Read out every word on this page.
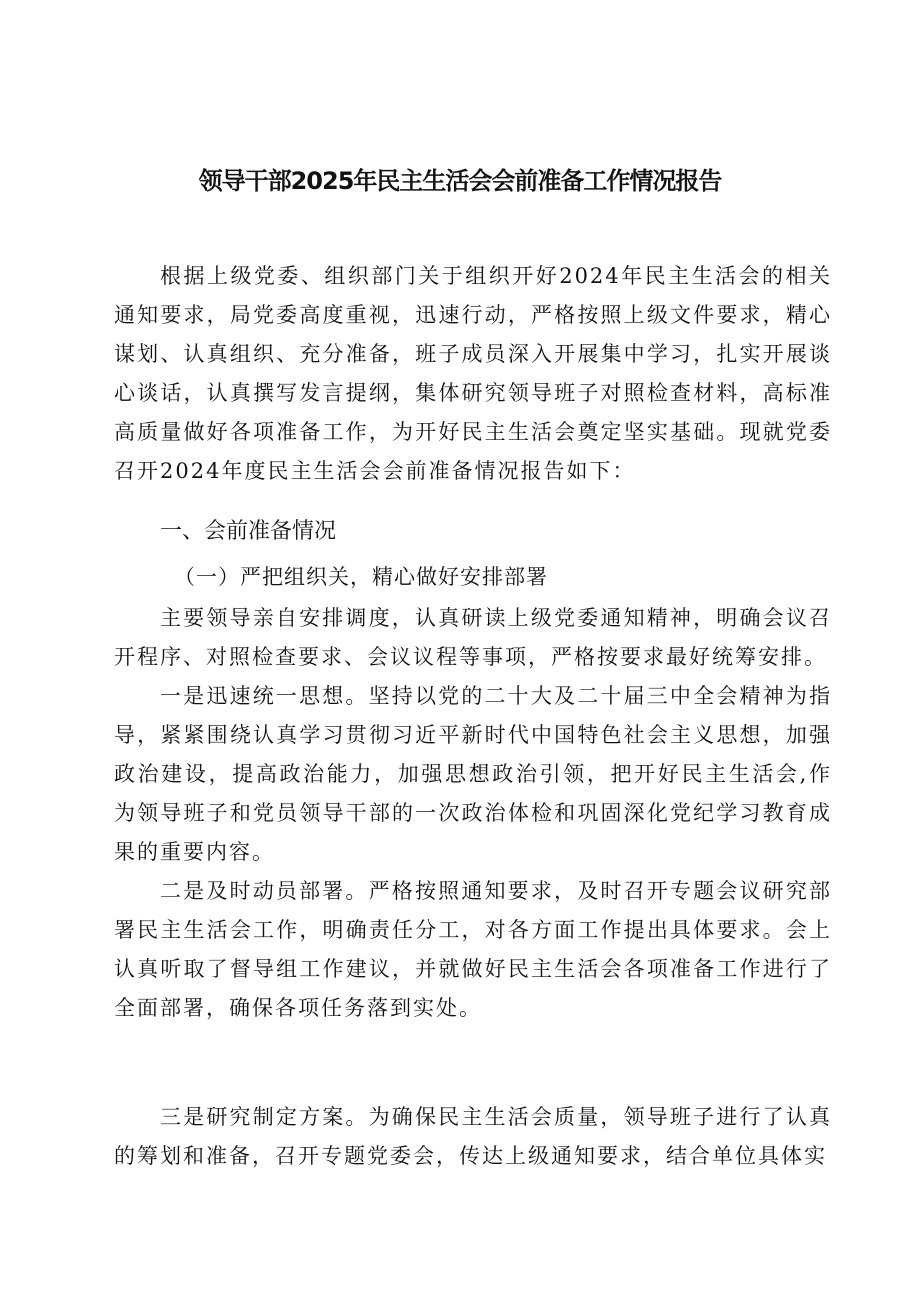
领导干部2025年民主生活会会前准备工作情况报告

根据上级党委、组织部门关于组织开好2024年民主生活会的相关通知要求，局党委高度重视，迅速行动，严格按照上级文件要求，精心谋划、认真组织、充分准备，班子成员深入开展集中学习，扎实开展谈心谈话，认真撰写发言提纲，集体研究领导班子对照检查材料，高标准高质量做好各项准备工作，为开好民主生活会奠定坚实基础。现就党委召开2024年度民主生活会会前准备情况报告如下：

一、会前准备情况
（一）严把组织关，精心做好安排部署

主要领导亲自安排调度，认真研读上级党委通知精神，明确会议召开程序、对照检查要求、会议议程等事项，严格按要求最好统筹安排。

一是迅速统一思想。坚持以党的二十大及二十届三中全会精神为指导，紧紧围绕认真学习贯彻习近平新时代中国特色社会主义思想，加强政治建设，提高政治能力，加强思想政治引领，把开好民主生活会,作为领导班子和党员领导干部的一次政治体检和巩固深化党纪学习教育成果的重要内容。

二是及时动员部署。严格按照通知要求，及时召开专题会议研究部署民主生活会工作，明确责任分工，对各方面工作提出具体要求。会上认真听取了督导组工作建议，并就做好民主生活会各项准备工作进行了全面部署，确保各项任务落到实处。

三是研究制定方案。为确保民主生活会质量，领导班子进行了认真的筹划和准备，召开专题党委会，传达上级通知要求，结合单位具体实
